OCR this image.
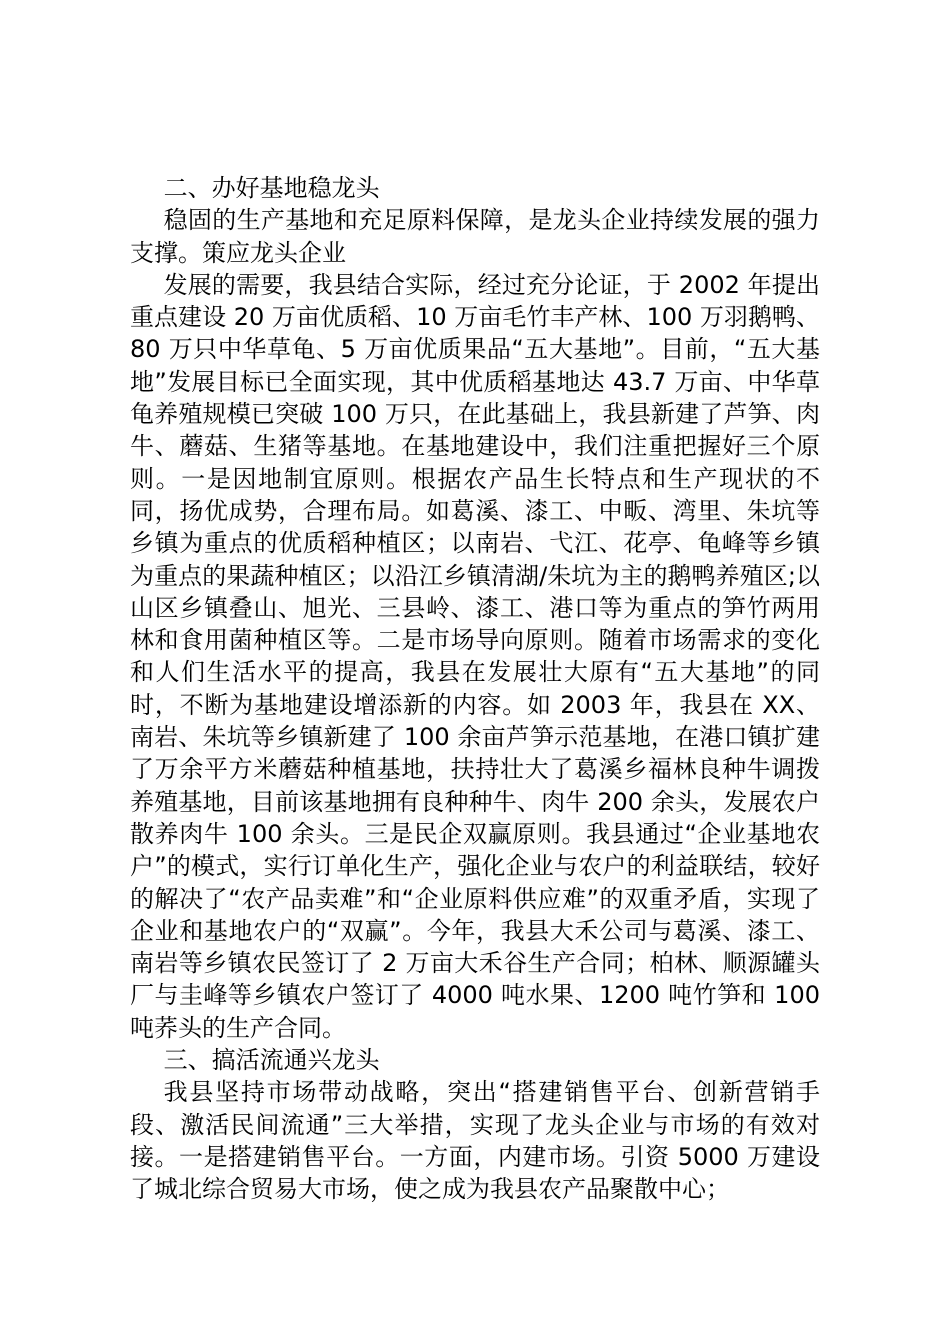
二、办好基地稳龙头

稳固的生产基地和充足原料保障，是龙头企业持续发展的强力支撑。策应龙头企业

发展的需要，我县结合实际，经过充分论证，于 2002 年提出重点建设 20 万亩优质稻、10 万亩毛竹丰产林、100 万羽鹅鸭、80 万只中华草龟、5 万亩优质果品“五大基地”。目前，“五大基地”发展目标已全面实现，其中优质稻基地达 43.7 万亩、中华草龟养殖规模已突破 100 万只，在此基础上，我县新建了芦笋、肉牛、蘑菇、生猪等基地。在基地建设中，我们注重把握好三个原则。一是因地制宜原则。根据农产品生长特点和生产现状的不同，扬优成势，合理布局。如葛溪、漆工、中畈、湾里、朱坑等乡镇为重点的优质稻种植区；以南岩、弋江、花亭、龟峰等乡镇为重点的果蔬种植区；以沿江乡镇清湖/朱坑为主的鹅鸭养殖区;以山区乡镇叠山、旭光、三县岭、漆工、港口等为重点的笋竹两用林和食用菌种植区等。二是市场导向原则。随着市场需求的变化和人们生活水平的提高，我县在发展壮大原有“五大基地”的同时，不断为基地建设增添新的内容。如 2003 年，我县在 XX、南岩、朱坑等乡镇新建了 100 余亩芦笋示范基地，在港口镇扩建了万余平方米蘑菇种植基地，扶持壮大了葛溪乡福林良种牛调拨养殖基地，目前该基地拥有良种种牛、肉牛 200 余头，发展农户散养肉牛 100 余头。三是民企双赢原则。我县通过“企业基地农户”的模式，实行订单化生产，强化企业与农户的利益联结，较好的解决了“农产品卖难”和“企业原料供应难”的双重矛盾，实现了企业和基地农户的“双赢”。今年，我县大禾公司与葛溪、漆工、南岩等乡镇农民签订了 2 万亩大禾谷生产合同；柏林、顺源罐头厂与圭峰等乡镇农户签订了 4000 吨水果、1200 吨竹笋和 100 吨荞头的生产合同。

三、搞活流通兴龙头

我县坚持市场带动战略，突出“搭建销售平台、创新营销手段、激活民间流通”三大举措，实现了龙头企业与市场的有效对接。一是搭建销售平台。一方面，内建市场。引资 5000 万建设了城北综合贸易大市场，使之成为我县农产品聚散中心；
